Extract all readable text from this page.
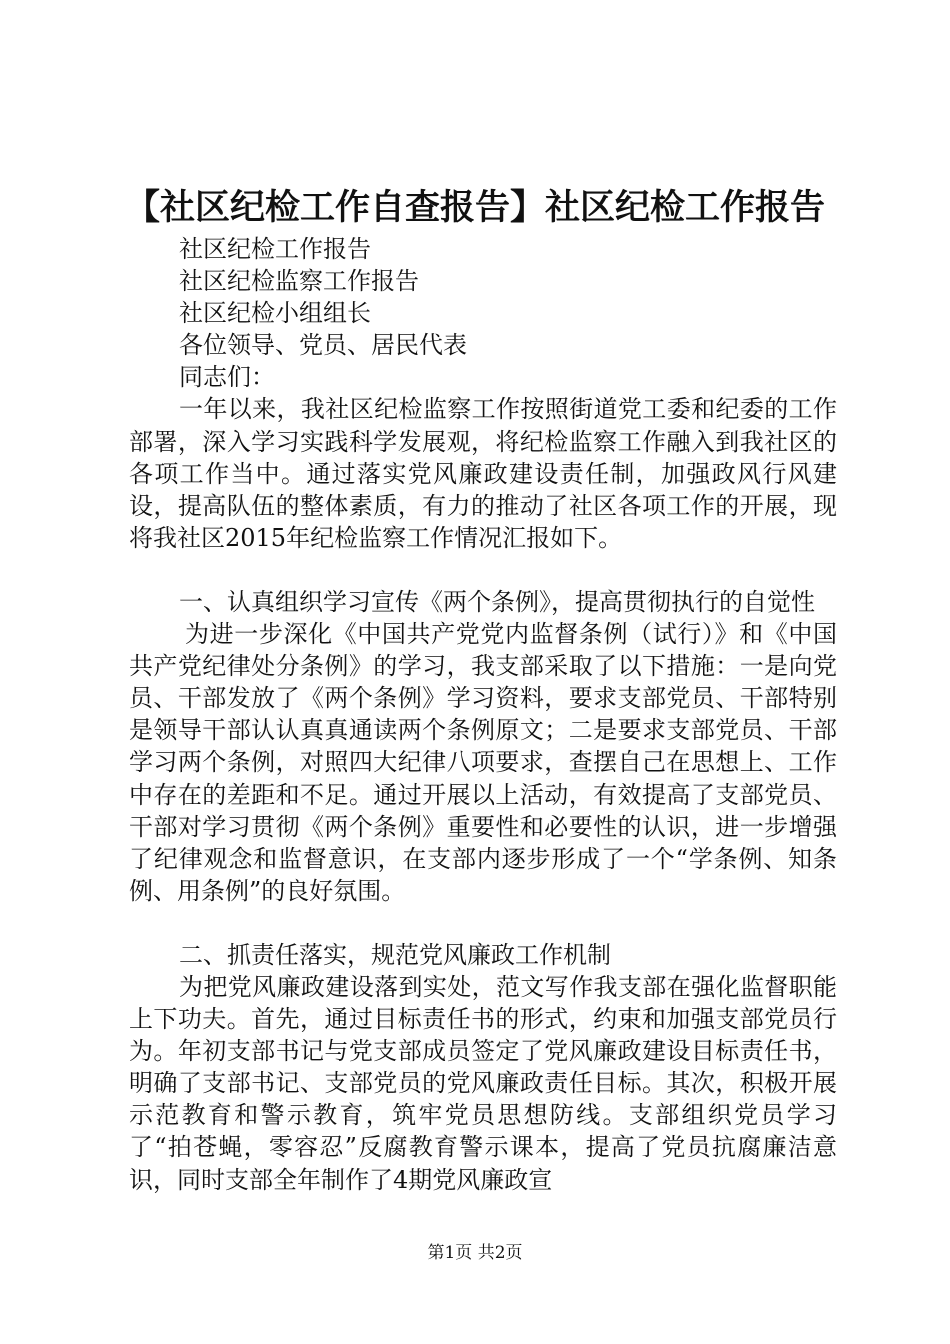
【社区纪检工作自查报告】社区纪检工作报告

社区纪检工作报告

社区纪检监察工作报告

社区纪检小组组长

各位领导、党员、居民代表

同志们：

一年以来，我社区纪检监察工作按照街道党工委和纪委的工作部署，深入学习实践科学发展观，将纪检监察工作融入到我社区的各项工作当中。通过落实党风廉政建设责任制，加强政风行风建设，提高队伍的整体素质，有力的推动了社区各项工作的开展，现将我社区2015年纪检监察工作情况汇报如下。

一、认真组织学习宣传《两个条例》，提高贯彻执行的自觉性

为进一步深化《中国共产党党内监督条例（试行）》和《中国共产党纪律处分条例》的学习，我支部采取了以下措施：一是向党员、干部发放了《两个条例》学习资料，要求支部党员、干部特别是领导干部认认真真通读两个条例原文；二是要求支部党员、干部学习两个条例，对照四大纪律八项要求，查摆自己在思想上、工作中存在的差距和不足。通过开展以上活动，有效提高了支部党员、干部对学习贯彻《两个条例》重要性和必要性的认识，进一步增强了纪律观念和监督意识，在支部内逐步形成了一个“学条例、知条例、用条例”的良好氛围。

二、抓责任落实，规范党风廉政工作机制

为把党风廉政建设落到实处，范文写作我支部在强化监督职能上下功夫。首先，通过目标责任书的形式，约束和加强支部党员行为。年初支部书记与党支部成员签定了党风廉政建设目标责任书，明确了支部书记、支部党员的党风廉政责任目标。其次，积极开展示范教育和警示教育，筑牢党员思想防线。支部组织党员学习了“拍苍蝇，零容忍”反腐教育警示课本，提高了党员抗腐廉洁意识，同时支部全年制作了4期党风廉政宣

第1页 共2页
